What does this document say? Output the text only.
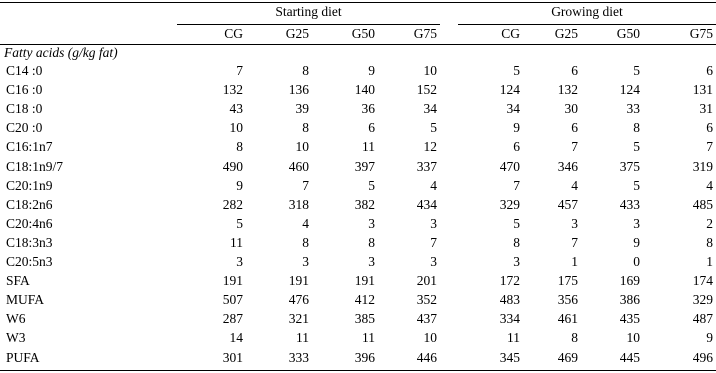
Starting diet	Growing diet
Fatty acids (g/kg fat)
CG	G25	G50	G75	CG	G25	G50	G75
C14 :0	7	8	9	10	5	6	5	6
C16 :0	132	136	140	152	124	132	124	131
C18 :0	43	39	36	34	34	30	33	31
C20 :0	10	8	6	5	9	6	8	6
C16:1n7	8	10	11	12	6	7	5	7
C18:1n9/7	490	460	397	337	470	346	375	319
C20:1n9	9	7	5	4	7	4	5	4
C18:2n6	282	318	382	434	329	457	433	485
C20:4n6	5	4	3	3	5	3	3	2
C18:3n3	11	8	8	7	8	7	9	8
C20:5n3	3	3	3	3	3	1	0	1
SFA	191	191	191	201	172	175	169	174
MUFA	507	476	412	352	483	356	386	329
W6	287	321	385	437	334	461	435	487
W3	14	11	11	10	11	8	10	9
PUFA	301	333	396	446	345	469	445	496
